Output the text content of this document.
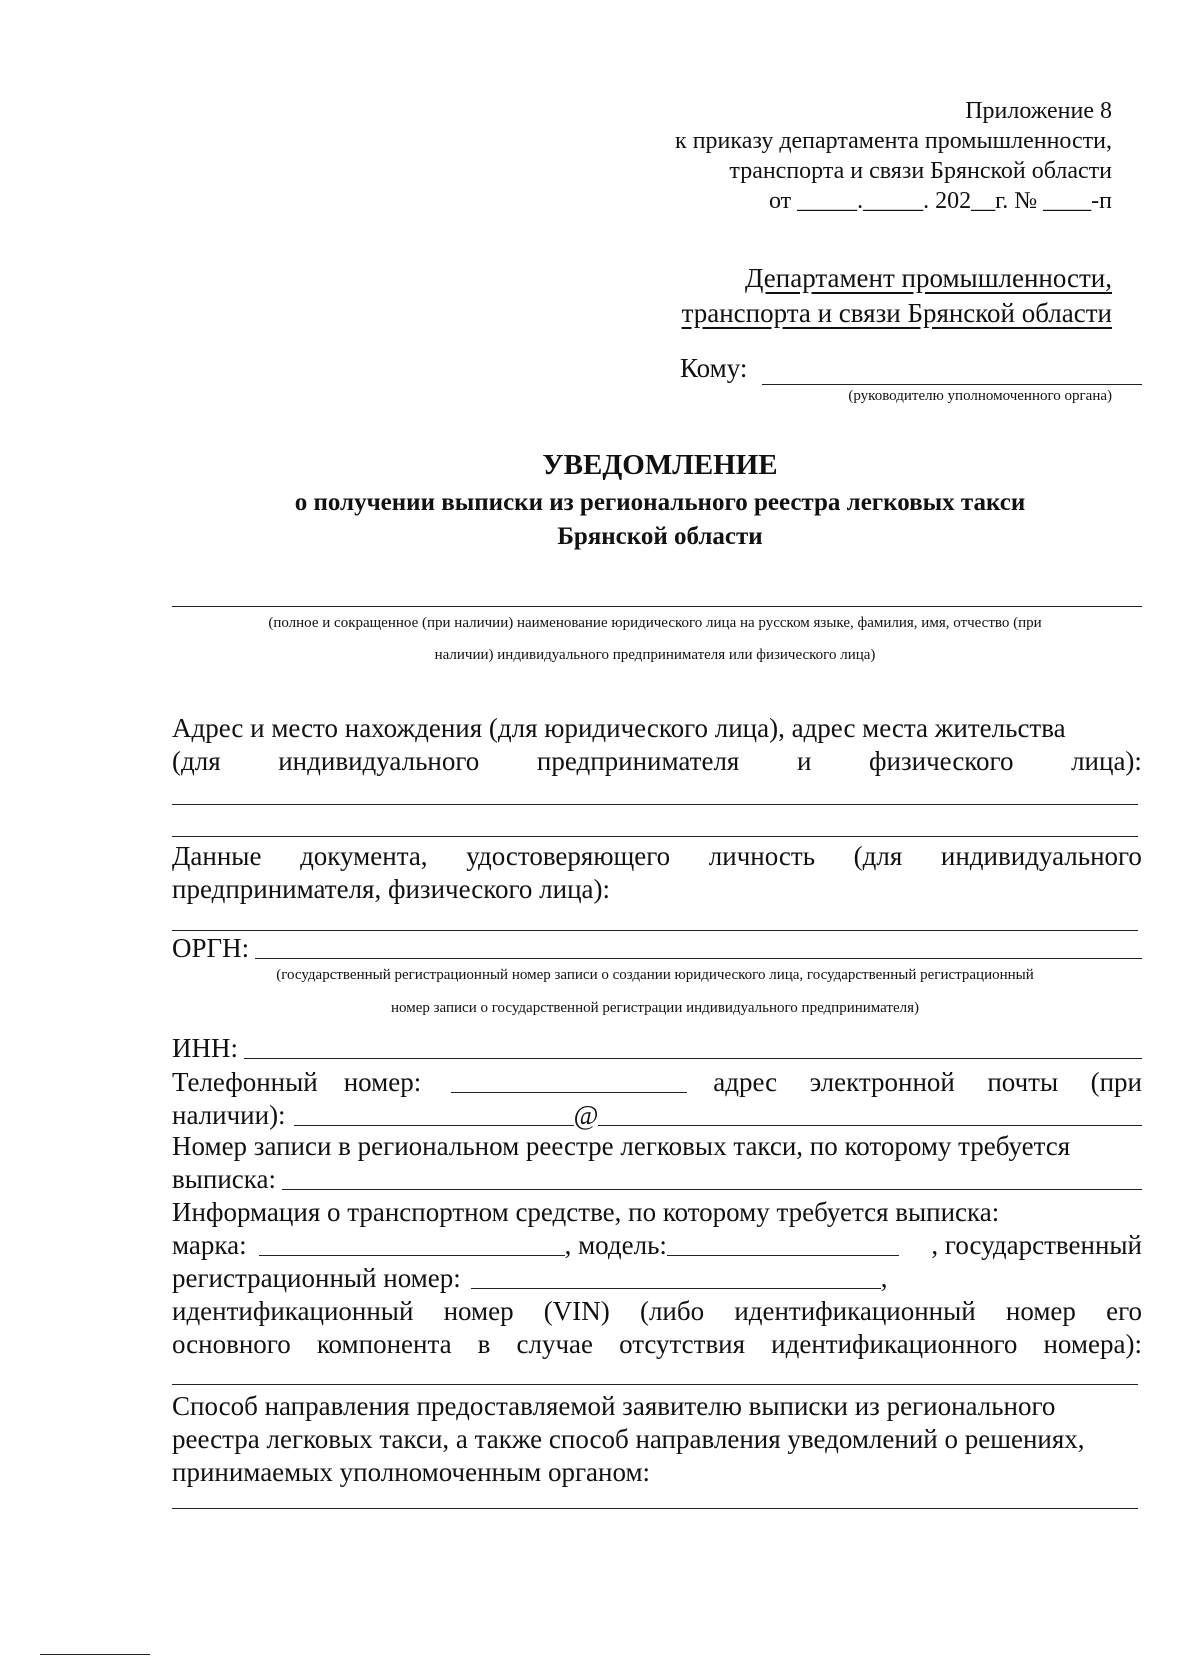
Приложение 8
к приказу департамента промышленности,
транспорта и связи Брянской области
от _____._____. 202__г. № ____-п
Департамент промышленности,
транспорта и связи Брянской области
Кому:
(руководителю уполномоченного органа)
УВЕДОМЛЕНИЕ
о получении выписки из регионального реестра легковых такси
Брянской области
(полное и сокращенное (при наличии) наименование юридического лица на русском языке, фамилия, имя, отчество (при
наличии) индивидуального предпринимателя или физического лица)
Адрес и место нахождения (для юридического лица), адрес места жительства
(для индивидуального предпринимателя и физического лица):
Данные документа, удостоверяющего личность (для индивидуального
предпринимателя, физического лица):
ОРГН:
(государственный регистрационный номер записи о создании юридического лица, государственный регистрационный
номер записи о государственной регистрации индивидуального предпринимателя)
ИНН:
Телефонный номер:	адрес электронной почты (при
наличии):	@
Номер записи в региональном реестре легковых такси, по которому требуется
выписка:
Информация о транспортном средстве, по которому требуется выписка:
марка:	, модель:	, государственный
регистрационный номер:	,
идентификационный номер (VIN) (либо идентификационный номер его
основного компонента в случае отсутствия идентификационного номера):
Способ направления предоставляемой заявителю выписки из регионального
реестра легковых такси, а также способ направления уведомлений о решениях,
принимаемых уполномоченным органом:
